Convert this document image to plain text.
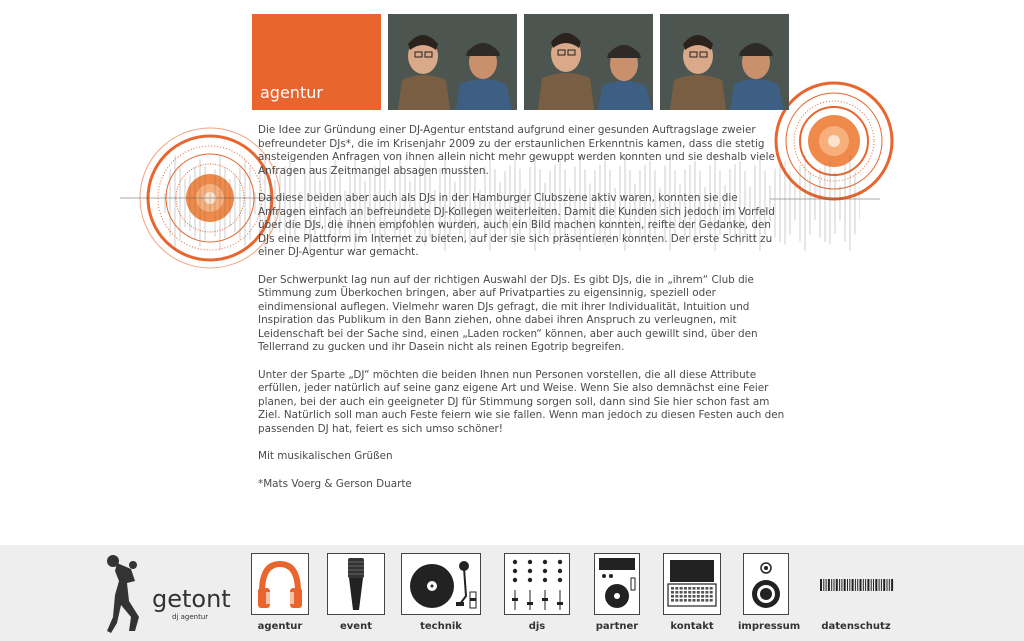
agentur

Die Idee zur Gründung einer DJ-Agentur entstand aufgrund einer gesunden Auftragslage zweier befreundeter DJs*, die im Krisenjahr 2009 zu der erstaunlichen Erkenntnis kamen, dass die stetig ansteigenden Anfragen von ihnen allein nicht mehr gewuppt werden konnten und sie deshalb viele Anfragen aus Zeitmangel absagen mussten.

Da diese beiden aber auch als DJs in der Hamburger Clubszene aktiv waren, konnten sie die Anfragen einfach an befreundete DJ-Kollegen weiterleiten. Damit die Kunden sich jedoch im Vorfeld über die DJs, die ihnen empfohlen wurden, auch ein Bild machen konnten, reifte der Gedanke, den DJs eine Plattform im Internet zu bieten, auf der sie sich präsentieren konnten. Der erste Schritt zu einer DJ-Agentur war gemacht.

Der Schwerpunkt lag nun auf der richtigen Auswahl der DJs. Es gibt DJs, die in „ihrem“ Club die Stimmung zum Überkochen bringen, aber auf Privatparties zu eigensinnig, speziell oder eindimensional auflegen. Vielmehr waren DJs gefragt, die mit ihrer Individualität, Intuition und Inspiration das Publikum in den Bann ziehen, ohne dabei ihren Anspruch zu verleugnen, mit Leidenschaft bei der Sache sind, einen „Laden rocken“ können, aber auch gewillt sind, über den Tellerrand zu gucken und ihr Dasein nicht als reinen Egotrip begreifen.

Unter der Sparte „DJ“ möchten die beiden Ihnen nun Personen vorstellen, die all diese Attribute erfüllen, jeder natürlich auf seine ganz eigene Art und Weise. Wenn Sie also demnächst eine Feier planen, bei der auch ein geeigneter DJ für Stimmung sorgen soll, dann sind Sie hier schon fast am Ziel. Natürlich soll man auch Feste feiern wie sie fallen. Wenn man jedoch zu diesen Festen auch den passenden DJ hat, feiert es sich umso schöner!

Mit musikalischen Grüßen

*Mats Voerg & Gerson Duarte

getont
dj agentur
agentur	event	technik	djs	partner	kontakt	impressum	datenschutz
